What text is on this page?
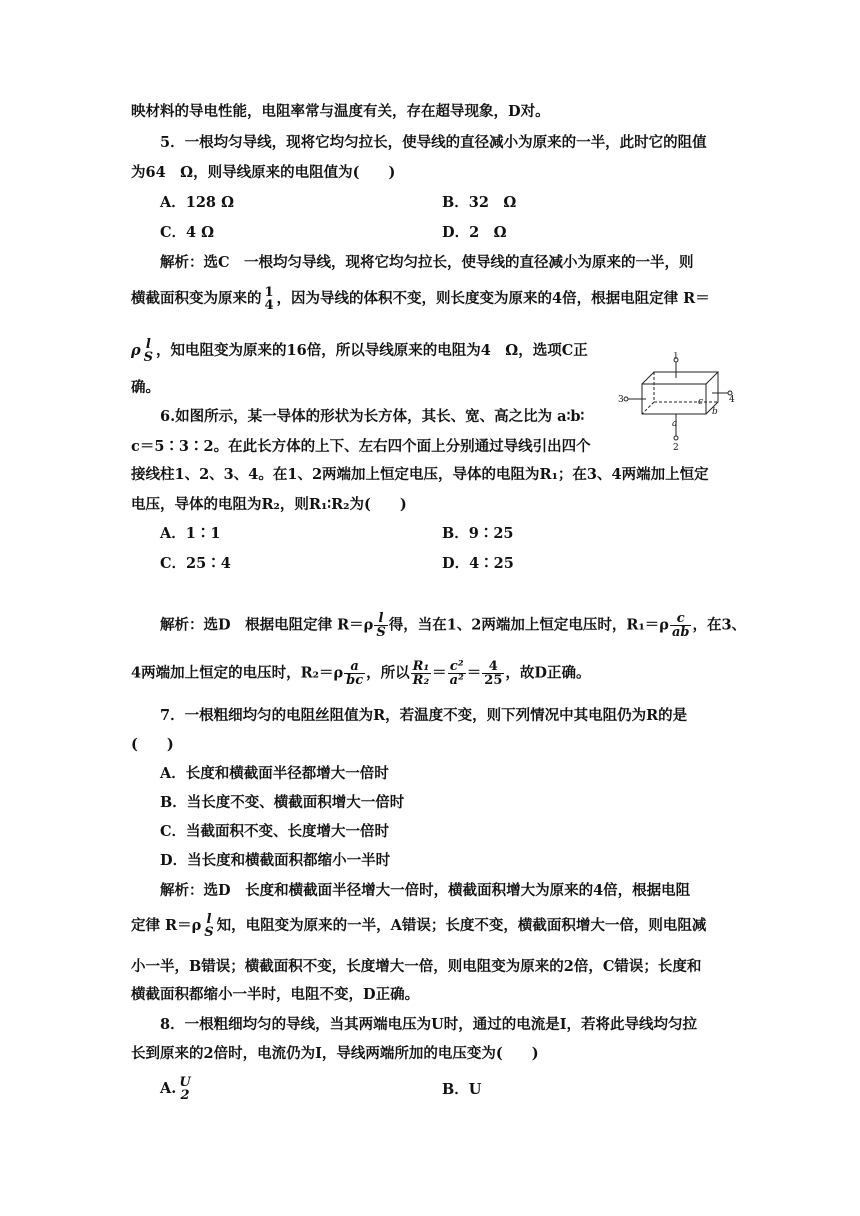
映材料的导电性能，电阻率常与温度有关，存在超导现象，D对。
5．一根均匀导线，现将它均匀拉长，使导线的直径减小为原来的一半，此时它的阻值
为64　Ω，则导线原来的电阻值为(　　)
A．128 Ω	B．32　Ω
C．4 Ω	D．2　Ω
解析：选C　一根均匀导线，现将它均匀拉长，使导线的直径减小为原来的一半，则
横截面积变为原来的 1
4 ，因为导线的体积不变，则长度变为原来的4倍，根据电阻定律 R＝
ρ l
S ，知电阻变为原来的16倍，所以导线原来的电阻为4　Ω，选项C正
确。
6.如图所示，某一导体的形状为长方体，其长、宽、高之比为 a∶b∶
c＝5∶3∶2。在此长方体的上下、左右四个面上分别通过导线引出四个
接线柱1、2、3、4。在1、2两端加上恒定电压，导体的电阻为R₁；在3、4两端加上恒定
电压，导体的电阻为R₂，则R₁∶R₂为(　　)
A．1∶1	B．9∶25
C．25∶4	D．4∶25
解析：选D　根据电阻定律 $R=\rho \frac{l}{S}$ 得，当在1、2两端加上恒定电压时，$R_1=\rho \frac{c}{ab}$ ，在3、
4两端加上恒定的电压时，$R_2=\rho \frac{a}{bc}$ ，所以 $\frac{\text{R₁}}{\text{R₂}} = \frac{\text{c²}}{\text{a²}} = \frac{4}{25}$ ，故D正确。
7．一根粗细均匀的电阻丝阻值为R，若温度不变，则下列情况中其电阻仍为R的是
(　　)
A．长度和横截面半径都增大一倍时
B．当长度不变、横截面积增大一倍时
C．当截面积不变、长度增大一倍时
D．当长度和横截面积都缩小一半时
解析：选D　长度和横截面半径增大一倍时，横截面积增大为原来的4倍，根据电阻
定律 R＝ρ l
S 知，电阻变为原来的一半，A错误；长度不变，横截面积增大一倍，则电阻减
小一半，B错误；横截面积不变，长度增大一倍，则电阻变为原来的2倍，C错误；长度和
横截面积都缩小一半时，电阻不变，D正确。
8．一根粗细均匀的导线，当其两端电压为U时，通过的电流是I，若将此导线均匀拉
长到原来的2倍时，电流仍为I，导线两端所加的电压变为(　　)
A. U
2	B．U
1
2
3	4
a
b
c
